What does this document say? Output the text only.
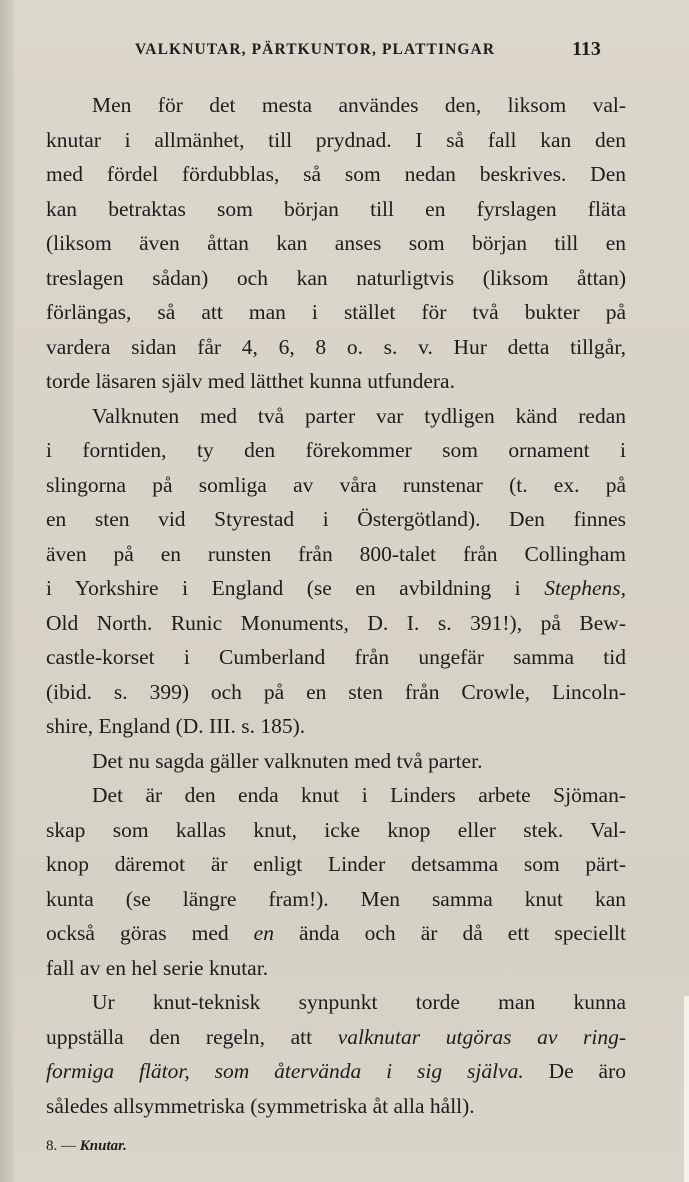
VALKNUTAR, PÄRTKUNTOR, PLATTINGAR	113

Men för det mesta användes den, liksom val-
knutar i allmänhet, till prydnad. I så fall kan den
med fördel fördubblas, så som nedan beskrives. Den
kan betraktas som början till en fyrslagen fläta
(liksom även åttan kan anses som början till en
treslagen sådan) och kan naturligtvis (liksom åttan)
förlängas, så att man i stället för två bukter på
vardera sidan får 4, 6, 8 o. s. v. Hur detta tillgår,
torde läsaren själv med lätthet kunna utfundera.

Valknuten med två parter var tydligen känd redan
i forntiden, ty den förekommer som ornament i
slingorna på somliga av våra runstenar (t. ex. på
en sten vid Styrestad i Östergötland). Den finnes
även på en runsten från 800-talet från Collingham
i Yorkshire i England (se en avbildning i Stephens,
Old North. Runic Monuments, D. I. s. 391!), på Bew-
castle-korset i Cumberland från ungefär samma tid
(ibid. s. 399) och på en sten från Crowle, Lincoln-
shire, England (D. III. s. 185).

Det nu sagda gäller valknuten med två parter.

Det är den enda knut i Linders arbete Sjöman-
skap som kallas knut, icke knop eller stek. Val-
knop däremot är enligt Linder detsamma som pärt-
kunta (se längre fram!). Men samma knut kan
också göras med en ända och är då ett speciellt
fall av en hel serie knutar.

Ur knut-teknisk synpunkt torde man kunna
uppställa den regeln, att valknutar utgöras av ring-
formiga flätor, som återvända i sig själva. De äro
således allsymmetriska (symmetriska åt alla håll).

8. — Knutar.
